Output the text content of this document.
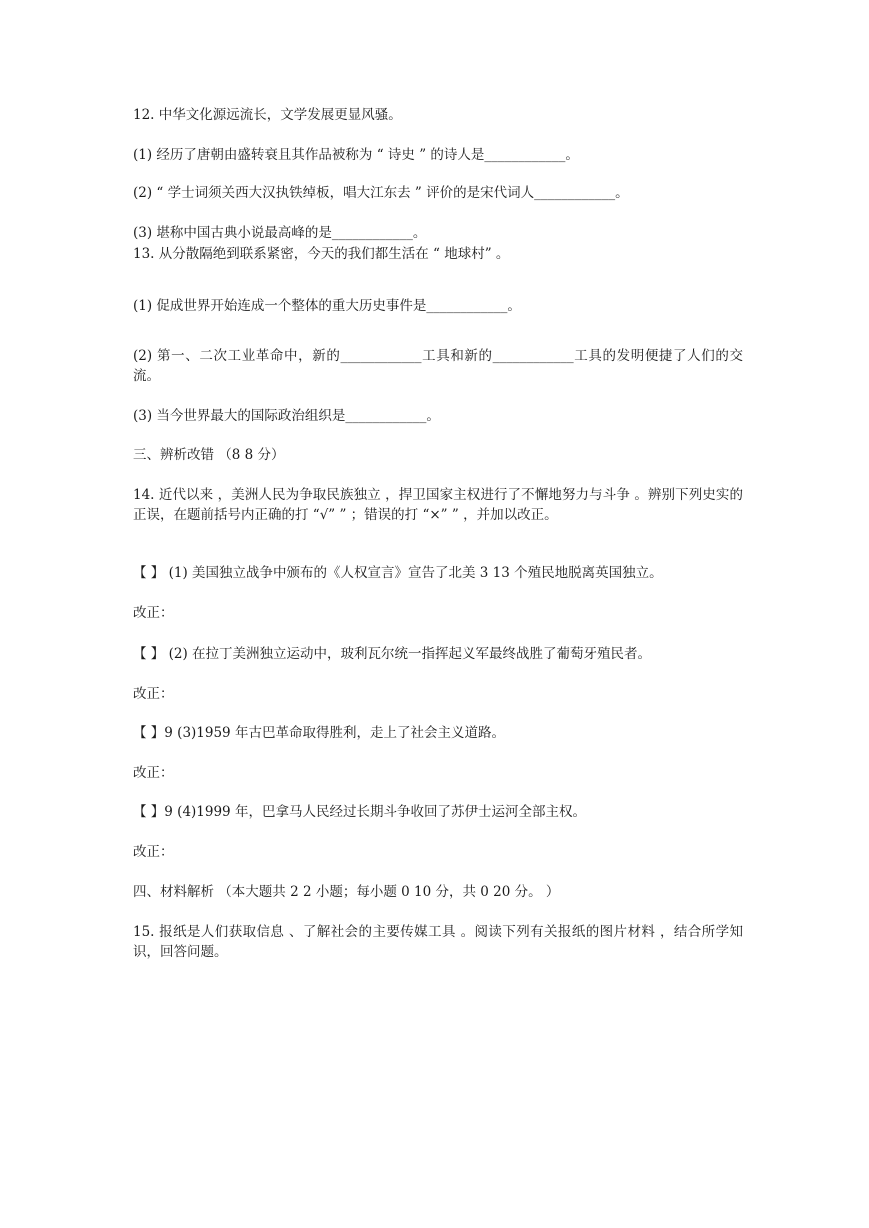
12. 中华文化源远流长，文学发展更显风骚。
(1) 经历了唐朝由盛转衰且其作品被称为 “ 诗史 ” 的诗人是____________。
(2) “ 学士词须关西大汉执铁绰板，唱大江东去 ” 评价的是宋代词人____________。
(3) 堪称中国古典小说最高峰的是____________。
13. 从分散隔绝到联系紧密，今天的我们都生活在 “ 地球村” 。
(1) 促成世界开始连成一个整体的重大历史事件是____________。
(2) 第一、二次工业革命中，新的____________工具和新的____________工具的发明便捷了人们的交流。
(3) 当今世界最大的国际政治组织是____________。
三、辨析改错 （8 8 分）
14. 近代以来 ，美洲人民为争取民族独立 ，捍卫国家主权进行了不懈地努力与斗争 。辨别下列史实的正误，在题前括号内正确的打 “√” ” ；错误的打 “×” ” ，并加以改正。
【 】 (1) 美国独立战争中颁布的《人权宣言》宣告了北美 3 13 个殖民地脱离英国独立。
改正：
【 】 (2) 在拉丁美洲独立运动中，玻利瓦尔统一指挥起义军最终战胜了葡萄牙殖民者。
改正：
【 】9 (3)1959 年古巴革命取得胜利，走上了社会主义道路。
改正：
【 】9 (4)1999 年，巴拿马人民经过长期斗争收回了苏伊士运河全部主权。
改正：
四、材料解析 （本大题共 2 2 小题；每小题 0 10 分，共 0 20 分。 ）
15. 报纸是人们获取信息 、了解社会的主要传媒工具 。阅读下列有关报纸的图片材料 ，结合所学知识，回答问题。
